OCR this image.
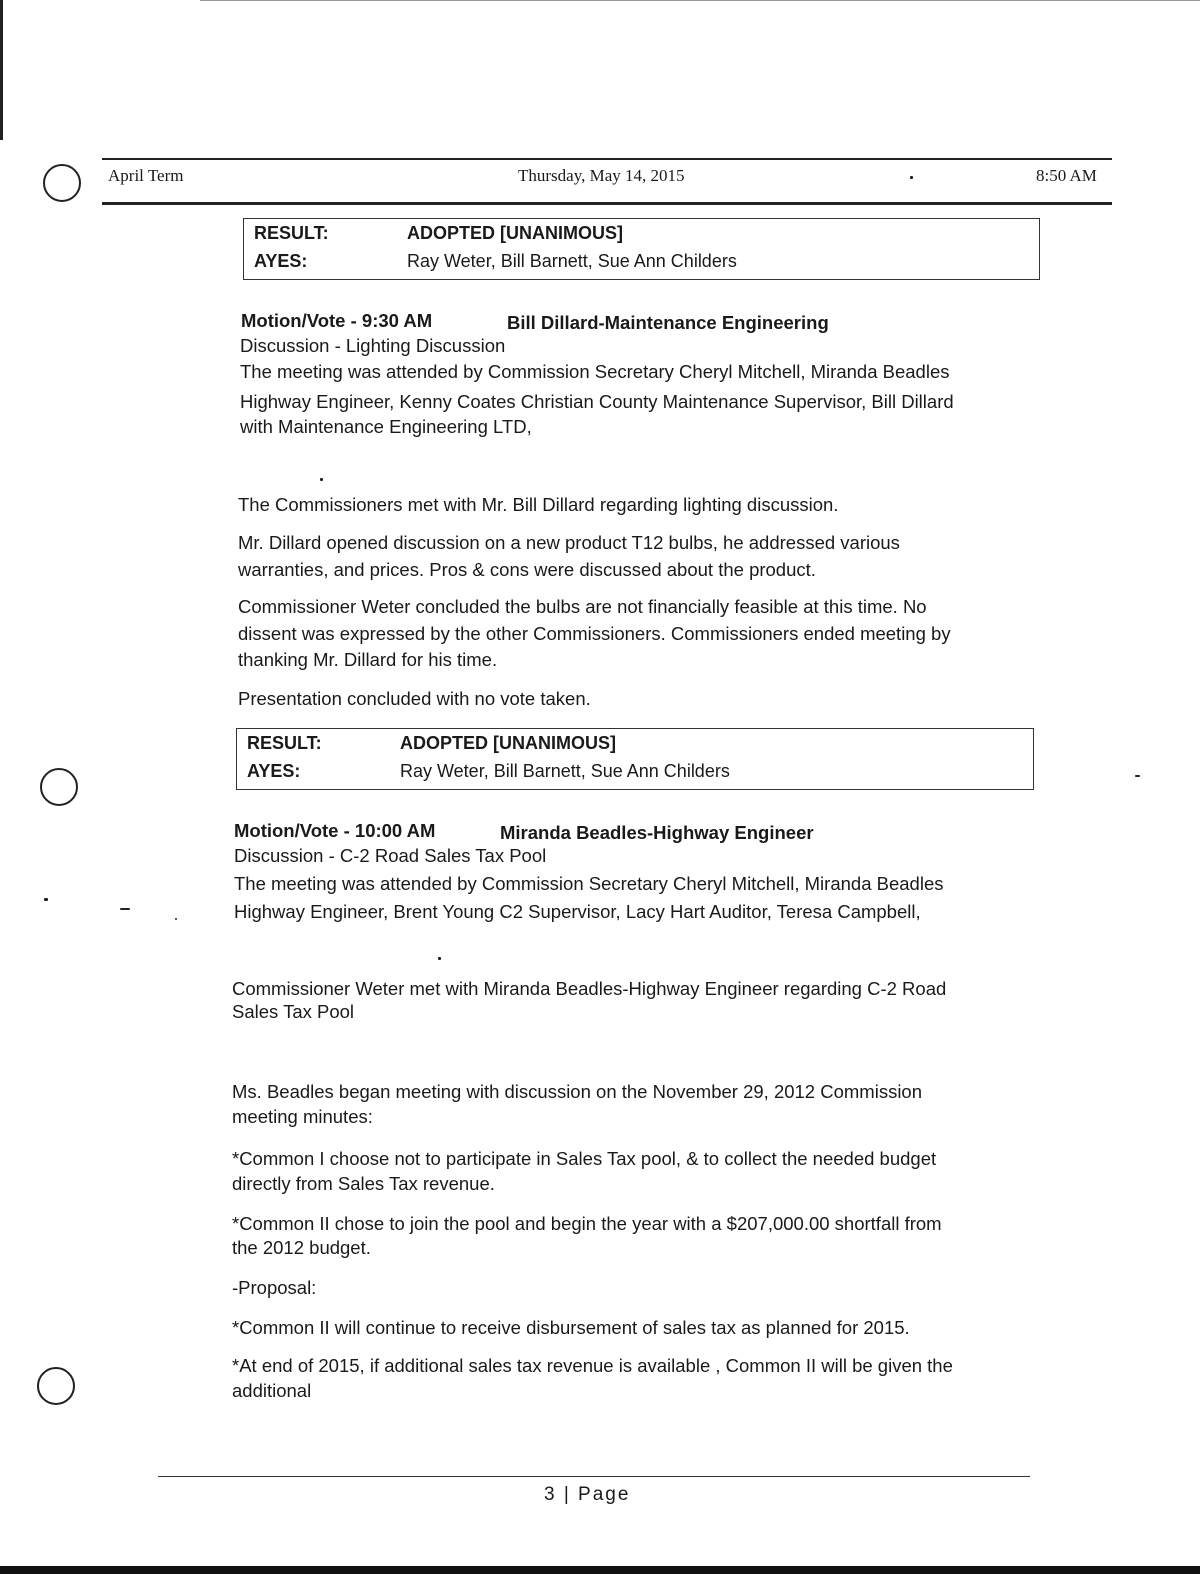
April Term	Thursday, May 14, 2015	8:50 AM
RESULT:	ADOPTED [UNANIMOUS]
AYES:	Ray Weter, Bill Barnett, Sue Ann Childers
Motion/Vote - 9:30 AM	Bill Dillard-Maintenance Engineering
Discussion - Lighting Discussion
The meeting was attended by Commission Secretary Cheryl Mitchell, Miranda Beadles
Highway Engineer, Kenny Coates Christian County Maintenance Supervisor, Bill Dillard
with Maintenance Engineering LTD,
The Commissioners met with Mr. Bill Dillard regarding lighting discussion.
Mr. Dillard opened discussion on a new product T12 bulbs, he addressed various
warranties, and prices. Pros & cons were discussed about the product.
Commissioner Weter concluded the bulbs are not financially feasible at this time. No
dissent was expressed by the other Commissioners. Commissioners ended meeting by
thanking Mr. Dillard for his time.
Presentation concluded with no vote taken.
RESULT:	ADOPTED [UNANIMOUS]
AYES:	Ray Weter, Bill Barnett, Sue Ann Childers
Motion/Vote - 10:00 AM	Miranda Beadles-Highway Engineer
Discussion - C-2 Road Sales Tax Pool
The meeting was attended by Commission Secretary Cheryl Mitchell, Miranda Beadles
Highway Engineer, Brent Young C2 Supervisor, Lacy Hart Auditor, Teresa Campbell,
Commissioner Weter met with Miranda Beadles-Highway Engineer regarding C-2 Road
Sales Tax Pool
Ms. Beadles began meeting with discussion on the November 29, 2012 Commission
meeting minutes:
*Common I choose not to participate in Sales Tax pool, & to collect the needed budget
directly from Sales Tax revenue.
*Common II chose to join the pool and begin the year with a $207,000.00 shortfall from
the 2012 budget.
-Proposal:
*Common II will continue to receive disbursement of sales tax as planned for 2015.
*At end of 2015, if additional sales tax revenue is available , Common II will be given the
additional
3 | Page
